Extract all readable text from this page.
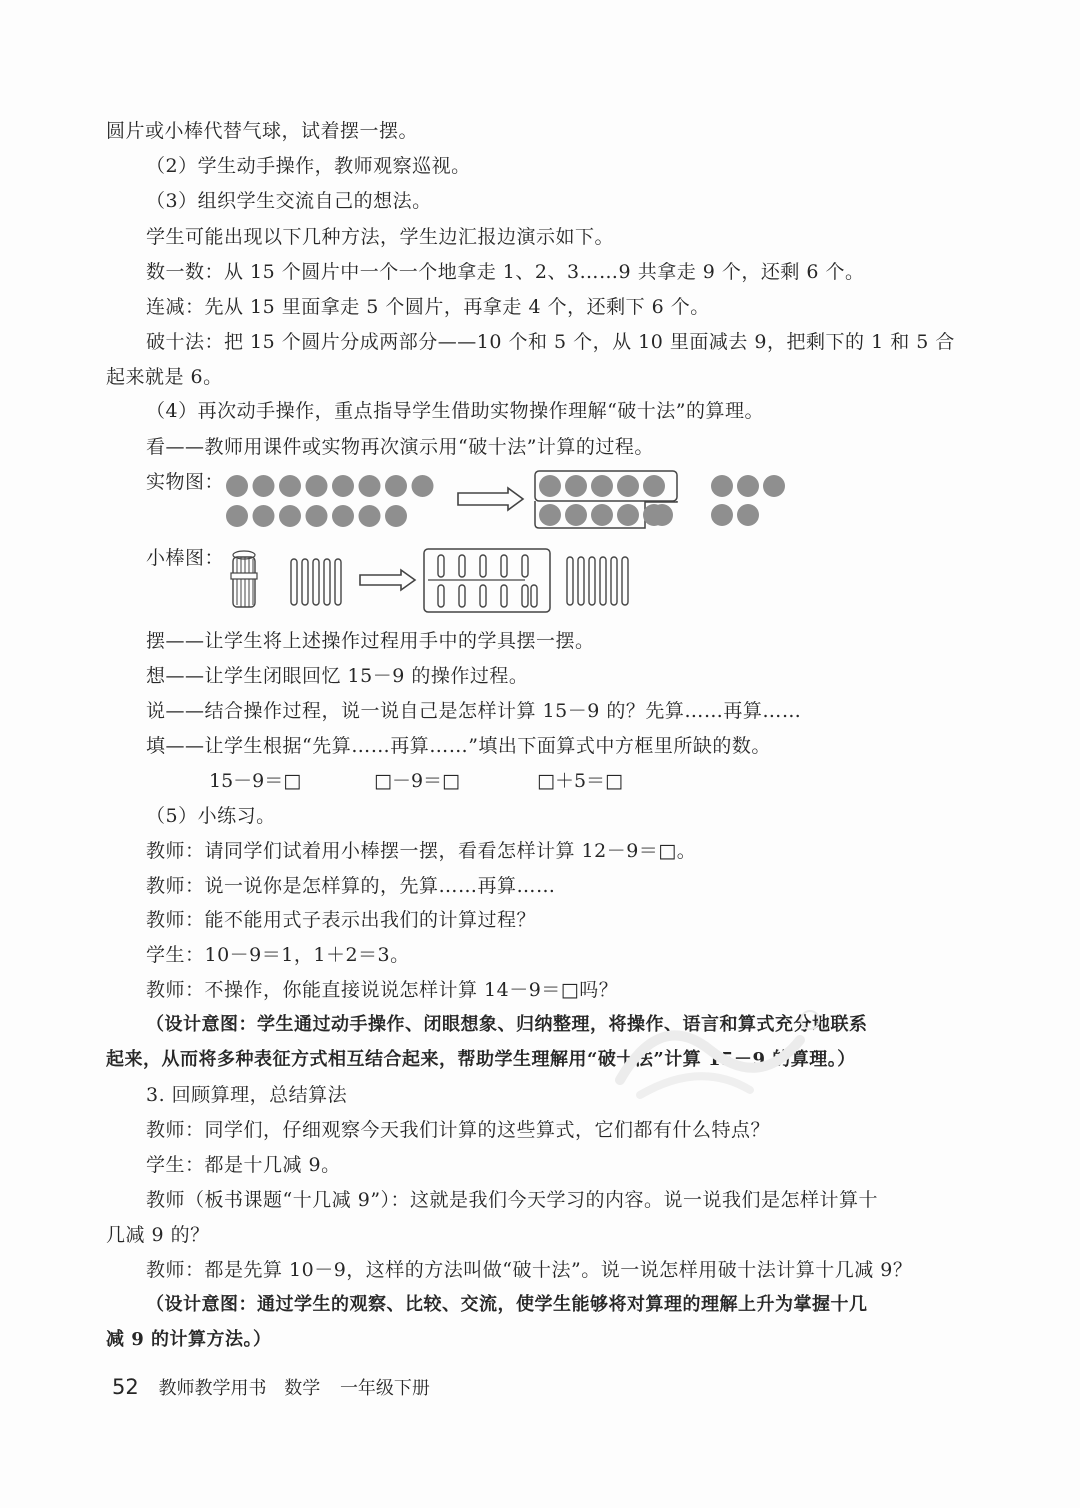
圆片或小棒代替气球，试着摆一摆。
（2）学生动手操作，教师观察巡视。
（3）组织学生交流自己的想法。
学生可能出现以下几种方法，学生边汇报边演示如下。
数一数：从 15 个圆片中一个一个地拿走 1、2、3……9 共拿走 9 个，还剩 6 个。
连减：先从 15 里面拿走 5 个圆片，再拿走 4 个，还剩下 6 个。
破十法：把 15 个圆片分成两部分——10 个和 5 个，从 10 里面减去 9，把剩下的 1 和 5 合
起来就是 6。
（4）再次动手操作，重点指导学生借助实物操作理解“破十法”的算理。
看——教师用课件或实物再次演示用“破十法”计算的过程。
实物图：
小棒图：
摆——让学生将上述操作过程用手中的学具摆一摆。
想——让学生闭眼回忆 15－9 的操作过程。
说——结合操作过程，说一说自己是怎样计算 15－9 的？先算……再算……
填——让学生根据“先算……再算……”填出下面算式中方框里所缺的数。
15－9＝□	□－9＝□	□＋5＝□
（5）小练习。
教师：请同学们试着用小棒摆一摆，看看怎样计算 12－9＝□。
教师：说一说你是怎样算的，先算……再算……
教师：能不能用式子表示出我们的计算过程？
学生：10－9＝1，1＋2＝3。
教师：不操作，你能直接说说怎样计算 14－9＝□吗？
（设计意图：学生通过动手操作、闭眼想象、归纳整理，将操作、语言和算式充分地联系
起来，从而将多种表征方式相互结合起来，帮助学生理解用“破十法”计算 15－9 的算理。）
3. 回顾算理，总结算法
教师：同学们，仔细观察今天我们计算的这些算式，它们都有什么特点？
学生：都是十几减 9。
教师（板书课题“十几减 9”）：这就是我们今天学习的内容。说一说我们是怎样计算十
几减 9 的？
教师：都是先算 10－9，这样的方法叫做“破十法”。说一说怎样用破十法计算十几减 9？
（设计意图：通过学生的观察、比较、交流，使学生能够将对算理的理解上升为掌握十几
减 9 的计算方法。）
52 教师教学用书 数学 一年级下册
